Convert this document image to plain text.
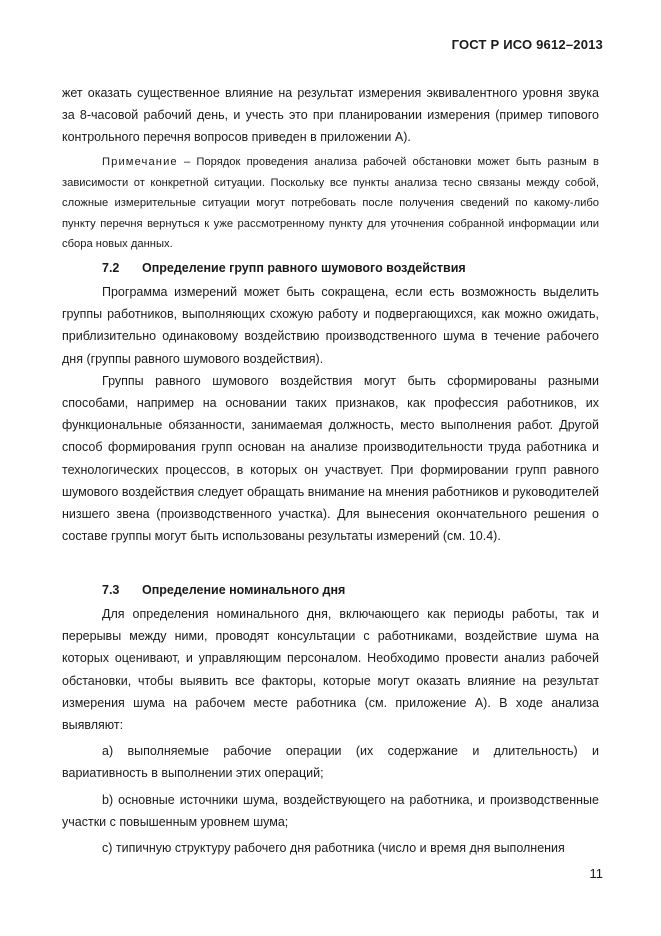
ГОСТ Р ИСО 9612–2013

жет оказать существенное влияние на результат измерения эквивалентного уровня звука за 8-часовой рабочий день, и учесть это при планировании измерения (пример типового контрольного перечня вопросов приведен в приложении А).

Примечание – Порядок проведения анализа рабочей обстановки может быть разным в зависимости от конкретной ситуации. Поскольку все пункты анализа тесно связаны между собой, сложные измерительные ситуации могут потребовать после получения сведений по какому-либо пункту перечня вернуться к уже рассмотренному пункту для уточнения собранной информации или сбора новых данных.

7.2 Определение групп равного шумового воздействия

Программа измерений может быть сокращена, если есть возможность выделить группы работников, выполняющих схожую работу и подвергающихся, как можно ожидать, приблизительно одинаковому воздействию производственного шума в течение рабочего дня (группы равного шумового воздействия).

Группы равного шумового воздействия могут быть сформированы разными способами, например на основании таких признаков, как профессия работников, их функциональные обязанности, занимаемая должность, место выполнения работ. Другой способ формирования групп основан на анализе производительности труда работника и технологических процессов, в которых он участвует. При формировании групп равного шумового воздействия следует обращать внимание на мнения работников и руководителей низшего звена (производственного участка). Для вынесения окончательного решения о составе группы могут быть использованы результаты измерений (см. 10.4).

7.3 Определение номинального дня

Для определения номинального дня, включающего как периоды работы, так и перерывы между ними, проводят консультации с работниками, воздействие шума на которых оценивают, и управляющим персоналом. Необходимо провести анализ рабочей обстановки, чтобы выявить все факторы, которые могут оказать влияние на результат измерения шума на рабочем месте работника (см. приложение А). В ходе анализа выявляют:

a) выполняемые рабочие операции (их содержание и длительность) и вариативность в выполнении этих операций;

b) основные источники шума, воздействующего на работника, и производственные участки с повышенным уровнем шума;

c) типичную структуру рабочего дня работника (число и время дня выполнения

11
